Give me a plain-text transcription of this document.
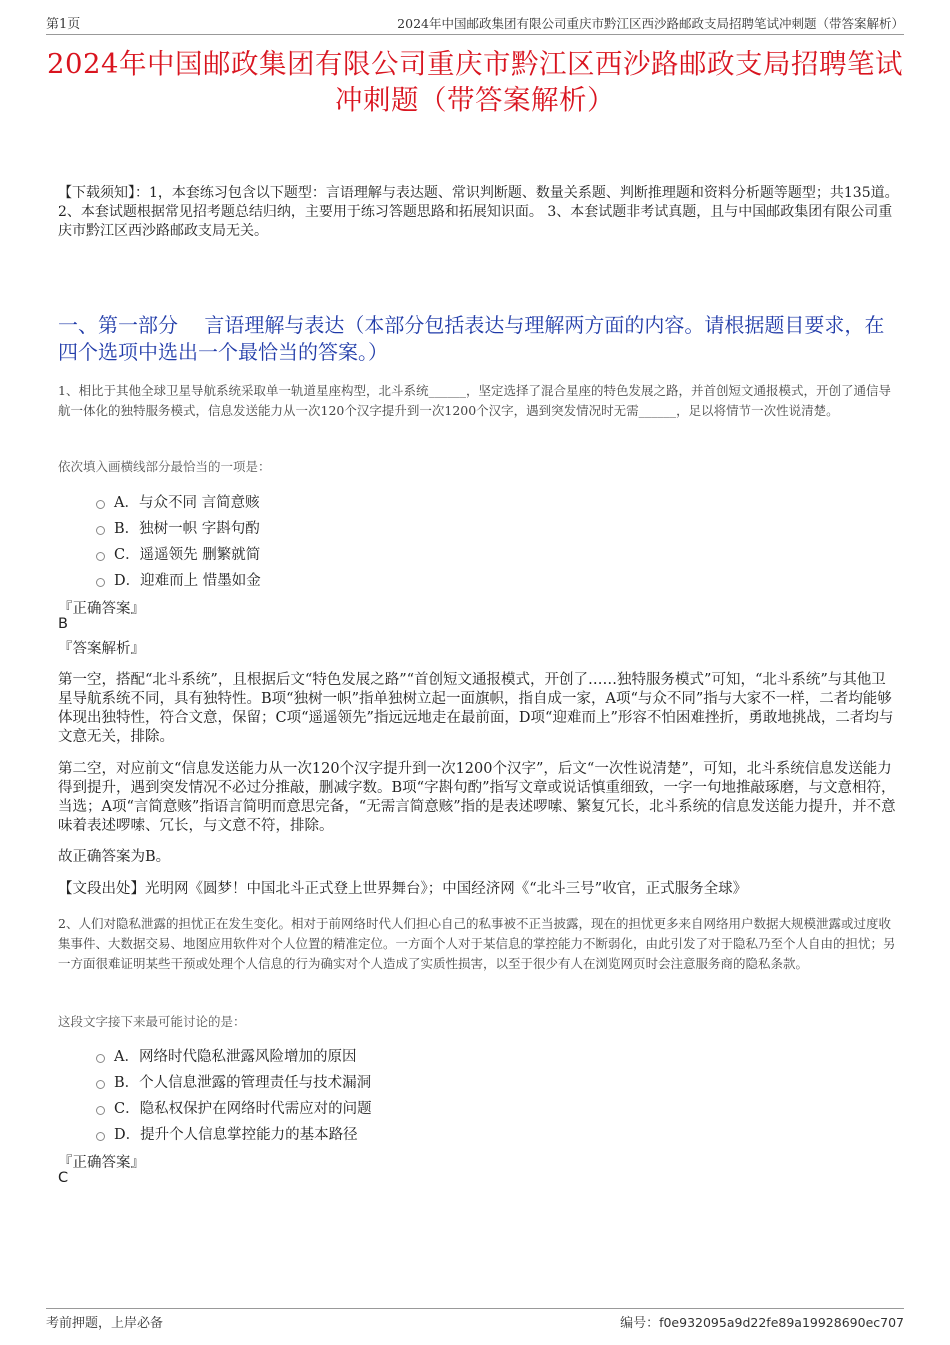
第1页	2024年中国邮政集团有限公司重庆市黔江区西沙路邮政支局招聘笔试冲刺题（带答案解析）
2024年中国邮政集团有限公司重庆市黔江区西沙路邮政支局招聘笔试冲刺题（带答案解析）
【下载须知】：1，本套练习包含以下题型：言语理解与表达题、常识判断题、数量关系题、判断推理题和资料分析题等题型；共135道。 2、本套试题根据常见招考题总结归纳，主要用于练习答题思路和拓展知识面。 3、本套试题非考试真题，且与中国邮政集团有限公司重庆市黔江区西沙路邮政支局无关。
一、第一部分　 言语理解与表达（本部分包括表达与理解两方面的内容。请根据题目要求，在四个选项中选出一个最恰当的答案。）
1、相比于其他全球卫星导航系统采取单一轨道星座构型，北斗系统______，坚定选择了混合星座的特色发展之路，并首创短文通报模式，开创了通信导航一体化的独特服务模式，信息发送能力从一次120个汉字提升到一次1200个汉字，遇到突发情况时无需______，足以将情节一次性说清楚。
依次填入画横线部分最恰当的一项是：
A．与众不同 言简意赅
B．独树一帜 字斟句酌
C．遥遥领先 删繁就简
D．迎难而上 惜墨如金
『正确答案』
B
『答案解析』
第一空，搭配“北斗系统”，且根据后文“特色发展之路”“首创短文通报模式，开创了……独特服务模式”可知，“北斗系统”与其他卫星导航系统不同，具有独特性。B项“独树一帜”指单独树立起一面旗帜，指自成一家，A项“与众不同”指与大家不一样，二者均能够体现出独特性，符合文意，保留；C项“遥遥领先”指远远地走在最前面，D项“迎难而上”形容不怕困难挫折，勇敢地挑战，二者均与文意无关，排除。
第二空，对应前文“信息发送能力从一次120个汉字提升到一次1200个汉字”，后文“一次性说清楚”，可知，北斗系统信息发送能力得到提升，遇到突发情况不必过分推敲，删减字数。B项“字斟句酌”指写文章或说话慎重细致，一字一句地推敲琢磨，与文意相符，当选；A项“言简意赅”指语言简明而意思完备，“无需言简意赅”指的是表述啰嗦、繁复冗长，北斗系统的信息发送能力提升，并不意味着表述啰嗦、冗长，与文意不符，排除。
故正确答案为B。
【文段出处】光明网《圆梦！中国北斗正式登上世界舞台》；中国经济网《“北斗三号”收官，正式服务全球》
2、人们对隐私泄露的担忧正在发生变化。相对于前网络时代人们担心自己的私事被不正当披露，现在的担忧更多来自网络用户数据大规模泄露或过度收集事件、大数据交易、地图应用软件对个人位置的精准定位。一方面个人对于某信息的掌控能力不断弱化，由此引发了对于隐私乃至个人自由的担忧；另一方面很难证明某些干预或处理个人信息的行为确实对个人造成了实质性损害，以至于很少有人在浏览网页时会注意服务商的隐私条款。
这段文字接下来最可能讨论的是：
A．网络时代隐私泄露风险增加的原因
B．个人信息泄露的管理责任与技术漏洞
C．隐私权保护在网络时代需应对的问题
D．提升个人信息掌控能力的基本路径
『正确答案』
C
考前押题，上岸必备	编号：f0e932095a9d22fe89a19928690ec707
